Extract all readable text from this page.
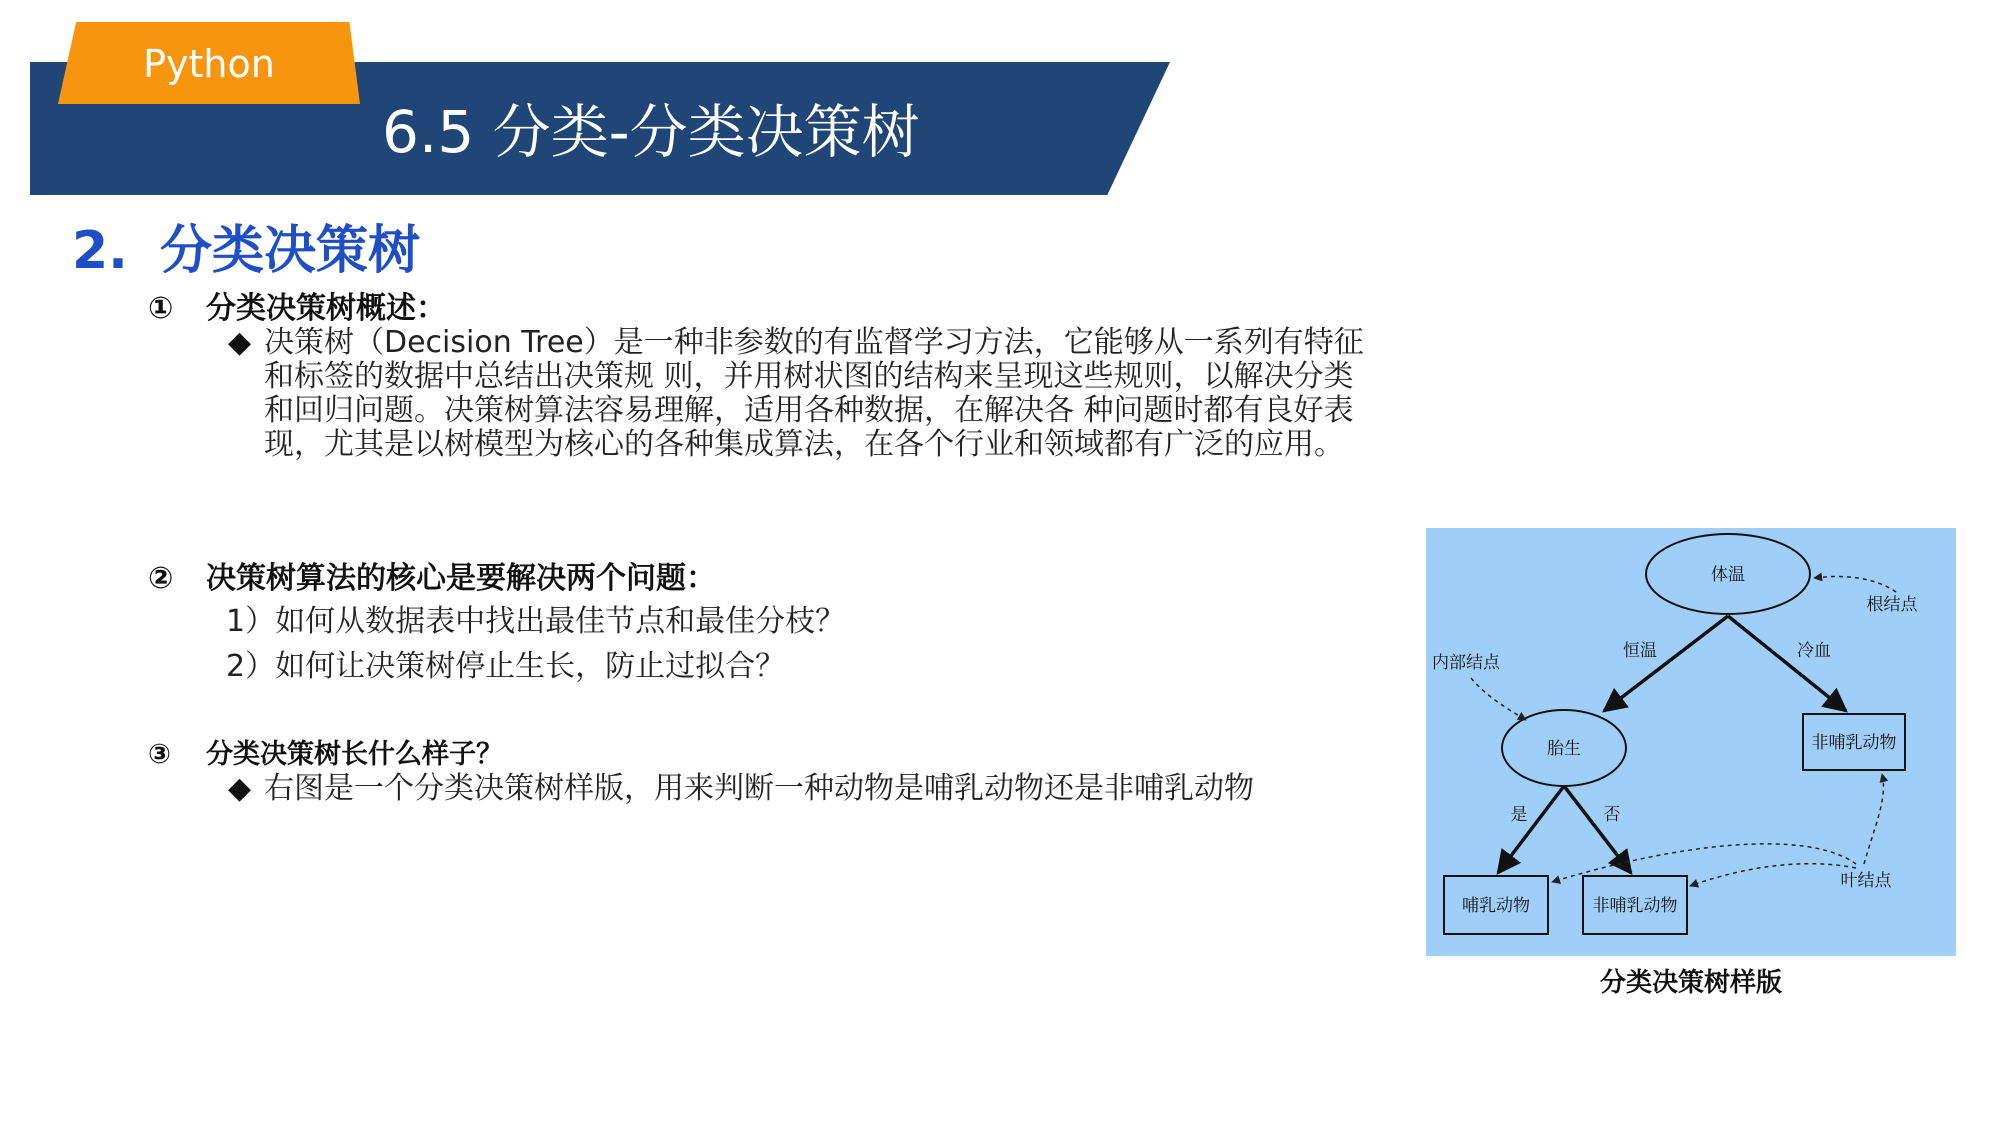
Python
6.5 分类-分类决策树
2. 分类决策树
① 分类决策树概述：
◆ 决策树（Decision Tree）是一种非参数的有监督学习方法，它能够从一系列有特征和标签的数据中总结出决策规 则，并用树状图的结构来呈现这些规则，以解决分类和回归问题。决策树算法容易理解，适用各种数据，在解决各 种问题时都有良好表现，尤其是以树模型为核心的各种集成算法，在各个行业和领域都有广泛的应用。
② 决策树算法的核心是要解决两个问题：
1）如何从数据表中找出最佳节点和最佳分枝？
2）如何让决策树停止生长，防止过拟合？
③ 分类决策树长什么样子？
◆ 右图是一个分类决策树样版，用来判断一种动物是哺乳动物还是非哺乳动物
体温
胎生	非哺乳动物
哺乳动物	非哺乳动物
恒温	冷血
是	否
根结点
内部结点
叶结点
分类决策树样版
